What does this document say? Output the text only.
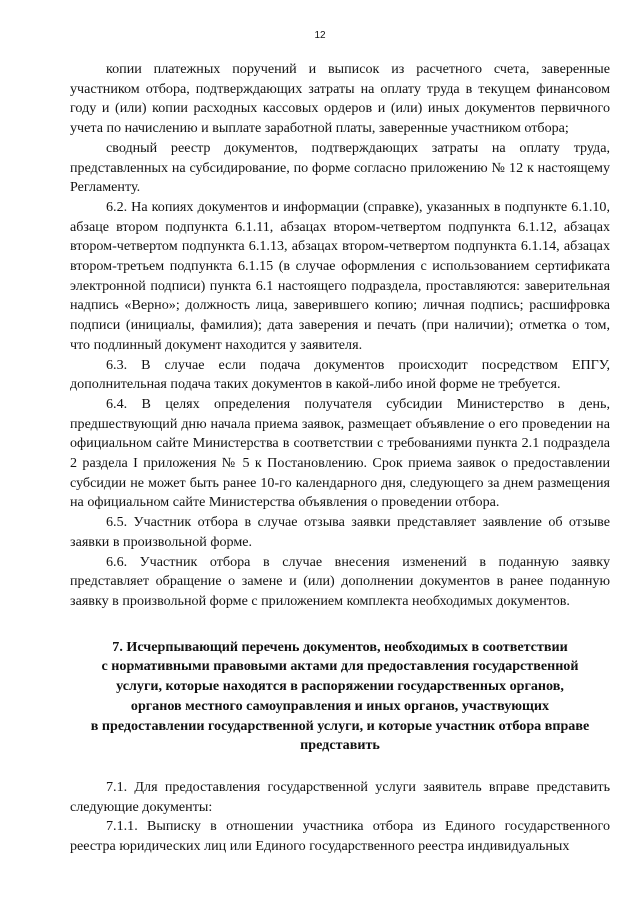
12

копии платежных поручений и выписок из расчетного счета, заверенные участником отбора, подтверждающих затраты на оплату труда в текущем финансовом году и (или) копии расходных кассовых ордеров и (или) иных документов первичного учета по начислению и выплате заработной платы, заверенные участником отбора;

сводный реестр документов, подтверждающих затраты на оплату труда, представленных на субсидирование, по форме согласно приложению № 12 к настоящему Регламенту.

6.2. На копиях документов и информации (справке), указанных в подпункте 6.1.10, абзаце втором подпункта 6.1.11, абзацах втором-четвертом подпункта 6.1.12, абзацах втором-четвертом подпункта 6.1.13, абзацах втором-четвертом подпункта 6.1.14, абзацах втором-третьем подпункта 6.1.15 (в случае оформления с использованием сертификата электронной подписи) пункта 6.1 настоящего подраздела, проставляются: заверительная надпись «Верно»; должность лица, заверившего копию; личная подпись; расшифровка подписи (инициалы, фамилия); дата заверения и печать (при наличии); отметка о том, что подлинный документ находится у заявителя.

6.3. В случае если подача документов происходит посредством ЕПГУ, дополнительная подача таких документов в какой-либо иной форме не требуется.

6.4. В целях определения получателя субсидии Министерство в день, предшествующий дню начала приема заявок, размещает объявление о его проведении на официальном сайте Министерства в соответствии с требованиями пункта 2.1 подраздела 2 раздела I приложения № 5 к Постановлению. Срок приема заявок о предоставлении субсидии не может быть ранее 10-го календарного дня, следующего за днем размещения на официальном сайте Министерства объявления о проведении отбора.

6.5. Участник отбора в случае отзыва заявки представляет заявление об отзыве заявки в произвольной форме.

6.6. Участник отбора в случае внесения изменений в поданную заявку представляет обращение о замене и (или) дополнении документов в ранее поданную заявку в произвольной форме с приложением комплекта необходимых документов.

7. Исчерпывающий перечень документов, необходимых в соответствии
с нормативными правовыми актами для предоставления государственной
услуги, которые находятся в распоряжении государственных органов,
органов местного самоуправления и иных органов, участвующих
в предоставлении государственной услуги, и которые участник отбора вправе
представить

7.1. Для предоставления государственной услуги заявитель вправе представить следующие документы:

7.1.1. Выписку в отношении участника отбора из Единого государственного реестра юридических лиц или Единого государственного реестра индивидуальных
